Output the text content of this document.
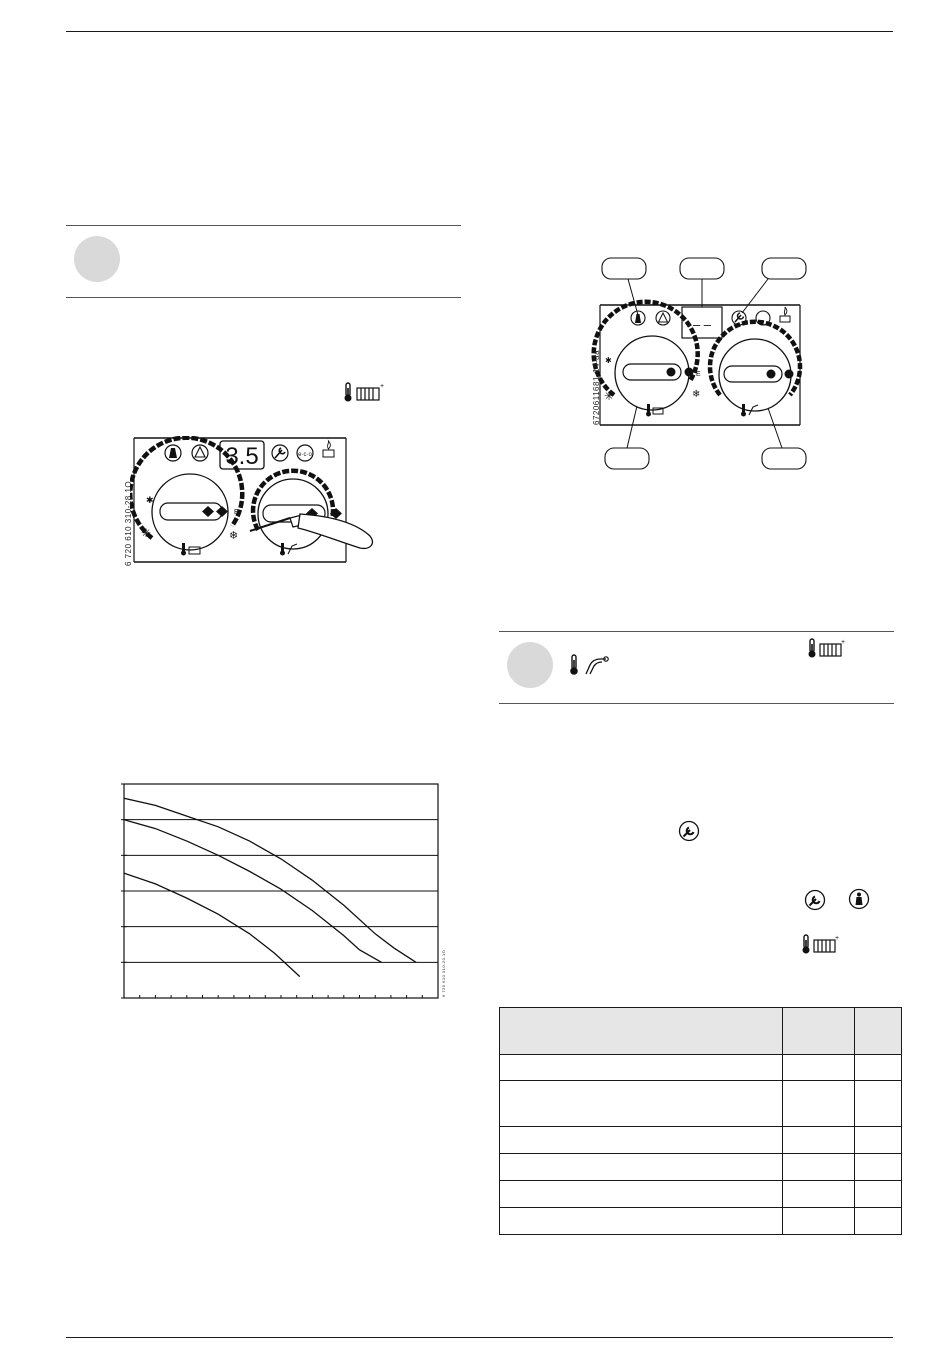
+
3.5	e·c·o
E
✱
✳	❄
6 720 610 310-28.1O
6 720 610 310-20.1O
– –
E
✱
✳	❄
6720611681-14-aa
+
+
